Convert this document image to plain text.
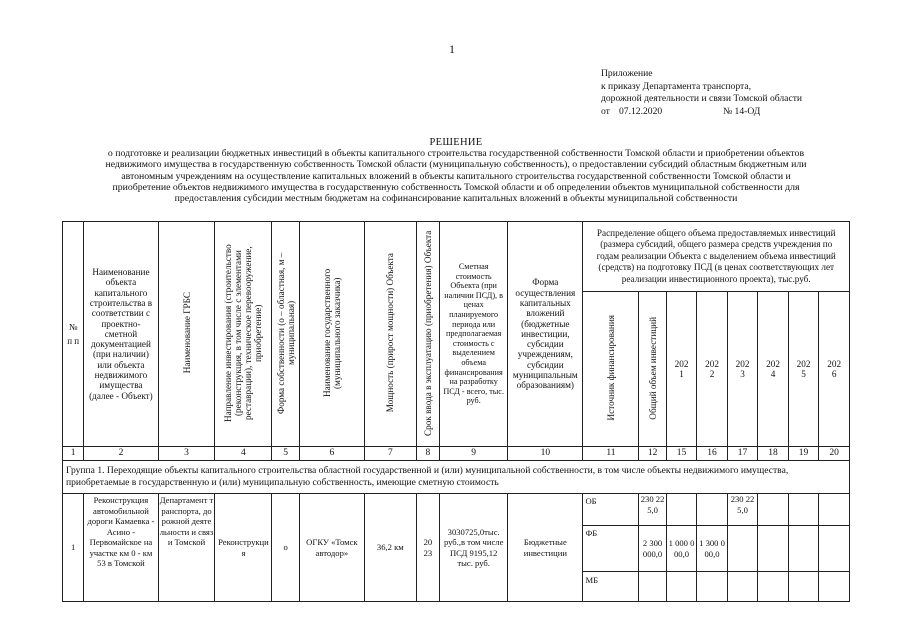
1
Приложение
к приказу Департамента транспорта,
дорожной деятельности и связи Томской области
от 07.12.2020	№ 14-ОД
РЕШЕНИЕ
о подготовке и реализации бюджетных инвестиций в объекты капитального строительства государственной собственности Томской области и приобретении объектов
недвижимого имущества в государственную собственность Томской области (муниципальную собственность), о предоставлении субсидий областным бюджетным или
автономным учреждениям на осуществление капитальных вложений в объекты капитального строительства государственной собственности Томской области и
приобретение объектов недвижимого имущества в государственную собственность Томской области и об определении объектов муниципальной собственности для
предоставления субсидии местным бюджетам на софинансирование капитальных вложений в объекты муниципальной собственности
№ п п	Наименование объекта капитального строительства в соответствии с проектно-сметной документацией (при наличии) или объекта недвижимого имущества (далее - Объект)	Наименование ГРБС	Направление инвестирования (строительство (реконструкция, в том числе с элементами реставрации), техническое перевооружение, приобретение)	Форма собственности (о – областная, м – муниципальная)	Наименование государственного (муниципального заказчика)	Мощность (прирост мощности) Объекта	Срок ввода в эксплуатацию (приобретения) Объекта	Сметная стоимость Объекта (при наличии ПСД), в ценах планируемого периода или предполагаемая стоимость с выделением объема финансирования на разработку ПСД - всего, тыс. руб.	Форма осуществления капитальных вложений (бюджетные инвестиции, субсидии учреждениям, субсидии муниципальным образованиям)	Распределение общего объема предоставляемых инвестиций (размера субсидий, общего размера средств учреждения по годам реализации Объекта с выделением объема инвестиций (средств) на подготовку ПСД (в ценах соответствующих лет реализации инвестиционного проекта), тыс.руб.							
										Источник финансирования	Общий объем инвестиций	2021	2022	2023	2024	2025	2026
1	2	3	4	5	6	7	8	9	10	11	12	15	16	17	18	19	20
Группа 1. Переходящие объекты капитального строительства областной государственной и (или) муниципальной собственности, в том числе объекты недвижимого имущества, приобретаемые в государственную и (или) муниципальную собственность, имеющие сметную стоимость																	
1	Реконструкция автомобильной дороги Камаевка - Асино - Первомайское на участке км 0 - км 53 в Томской	Департамент транспорта, дорожной деятельности и связи Томской	Реконструкция	о	ОГКУ «Томскавтодор»	36,2 км	2023	3030725,0тыс. руб.,в том числе ПСД 9195,12 тыс. руб.	Бюджетные инвестиции	ОБ	230 225,0			230 225,0			
										ФБ	2 300 000,0	1 000 000,0	1 300 000,0				
										МБ							
